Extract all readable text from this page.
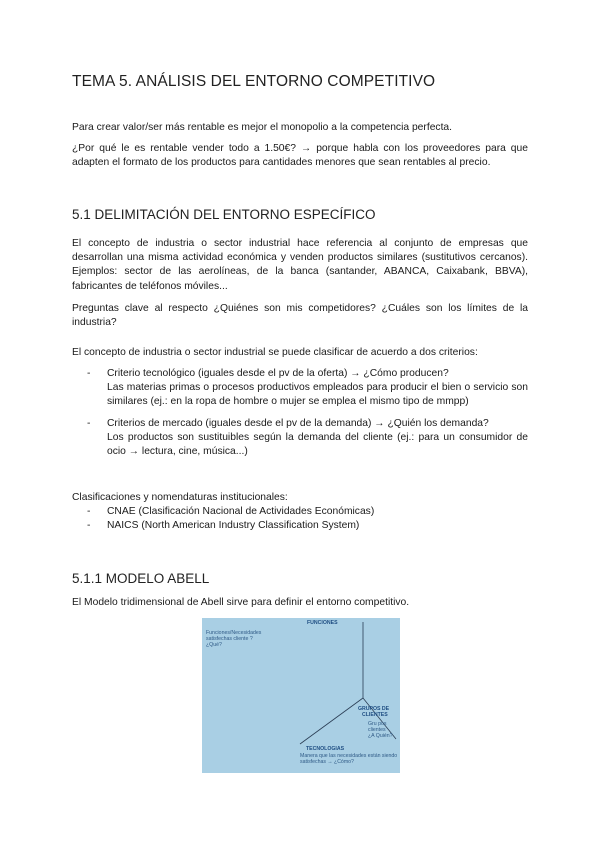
TEMA 5. ANÁLISIS DEL ENTORNO COMPETITIVO

Para crear valor/ser más rentable es mejor el monopolio a la competencia perfecta.

¿Por qué le es rentable vender todo a 1.50€? → porque habla con los proveedores para que adapten el formato de los productos para cantidades menores que sean rentables al precio.

5.1 DELIMITACIÓN DEL ENTORNO ESPECÍFICO

El concepto de industria o sector industrial hace referencia al conjunto de empresas que desarrollan una misma actividad económica y venden productos similares (sustitutivos cercanos). Ejemplos: sector de las aerolíneas, de la banca (santander, ABANCA, Caixabank, BBVA), fabricantes de teléfonos móviles...

Preguntas clave al respecto ¿Quiénes son mis competidores? ¿Cuáles son los límites de la industria?

El concepto de industria o sector industrial se puede clasificar de acuerdo a dos criterios:

- Criterio tecnológico (iguales desde el pv de la oferta) → ¿Cómo producen?
Las materias primas o procesos productivos empleados para producir el bien o servicio son similares (ej.: en la ropa de hombre o mujer se emplea el mismo tipo de mmpp)
- Criterios de mercado (iguales desde el pv de la demanda) → ¿Quién los demanda?
Los productos son sustituibles según la demanda del cliente (ej.: para un consumidor de ocio → lectura, cine, música...)

Clasificaciones y nomendaturas institucionales:

- CNAE (Clasificación Nacional de Actividades Económicas)
- NAICS (North American Industry Classification System)
5.1.1 MODELO ABELL

El Modelo tridimensional de Abell sirve para definir el entorno competitivo.

FUNCIONES
Funciones/Necesidades
satisfechas cliente ?
¿Qué?
GRUPOS DE
CLIENTES
Gru pos
clientes
¿A Quién?
TECNOLOGIAS
Manera que las necesidades están siendo
satisfechas → ¿Cómo?
